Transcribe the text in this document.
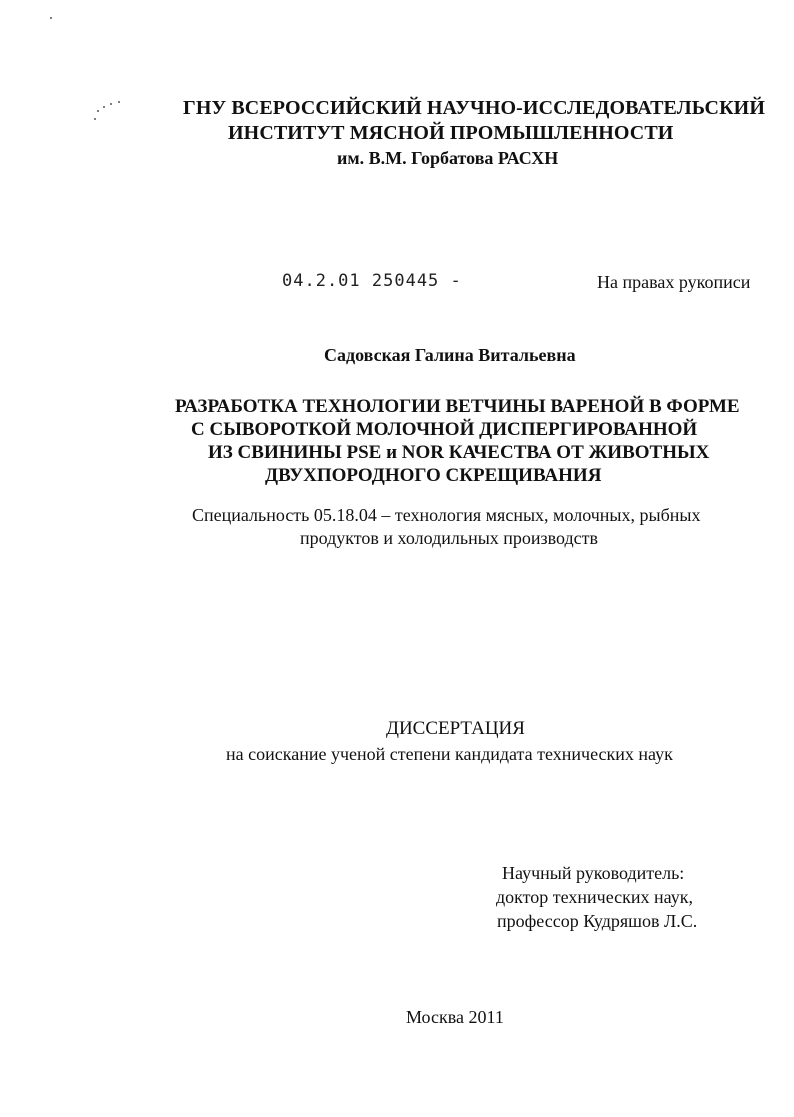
ГНУ ВСЕРОССИЙСКИЙ НАУЧНО-ИССЛЕДОВАТЕЛЬСКИЙ
ИНСТИТУТ МЯСНОЙ ПРОМЫШЛЕННОСТИ
им. В.М. Горбатова РАСХН
04.2.01 250445 -	На правах рукописи
Садовская Галина Витальевна
РАЗРАБОТКА ТЕХНОЛОГИИ ВЕТЧИНЫ ВАРЕНОЙ В ФОРМЕ
С СЫВОРОТКОЙ МОЛОЧНОЙ ДИСПЕРГИРОВАННОЙ
ИЗ СВИНИНЫ PSE и NOR КАЧЕСТВА ОТ ЖИВОТНЫХ
ДВУХПОРОДНОГО СКРЕЩИВАНИЯ
Специальность 05.18.04 – технология мясных, молочных, рыбных
продуктов и холодильных производств
ДИССЕРТАЦИЯ
на соискание ученой степени кандидата технических наук
Научный руководитель:
доктор технических наук,
профессор Кудряшов Л.С.
Москва 2011
